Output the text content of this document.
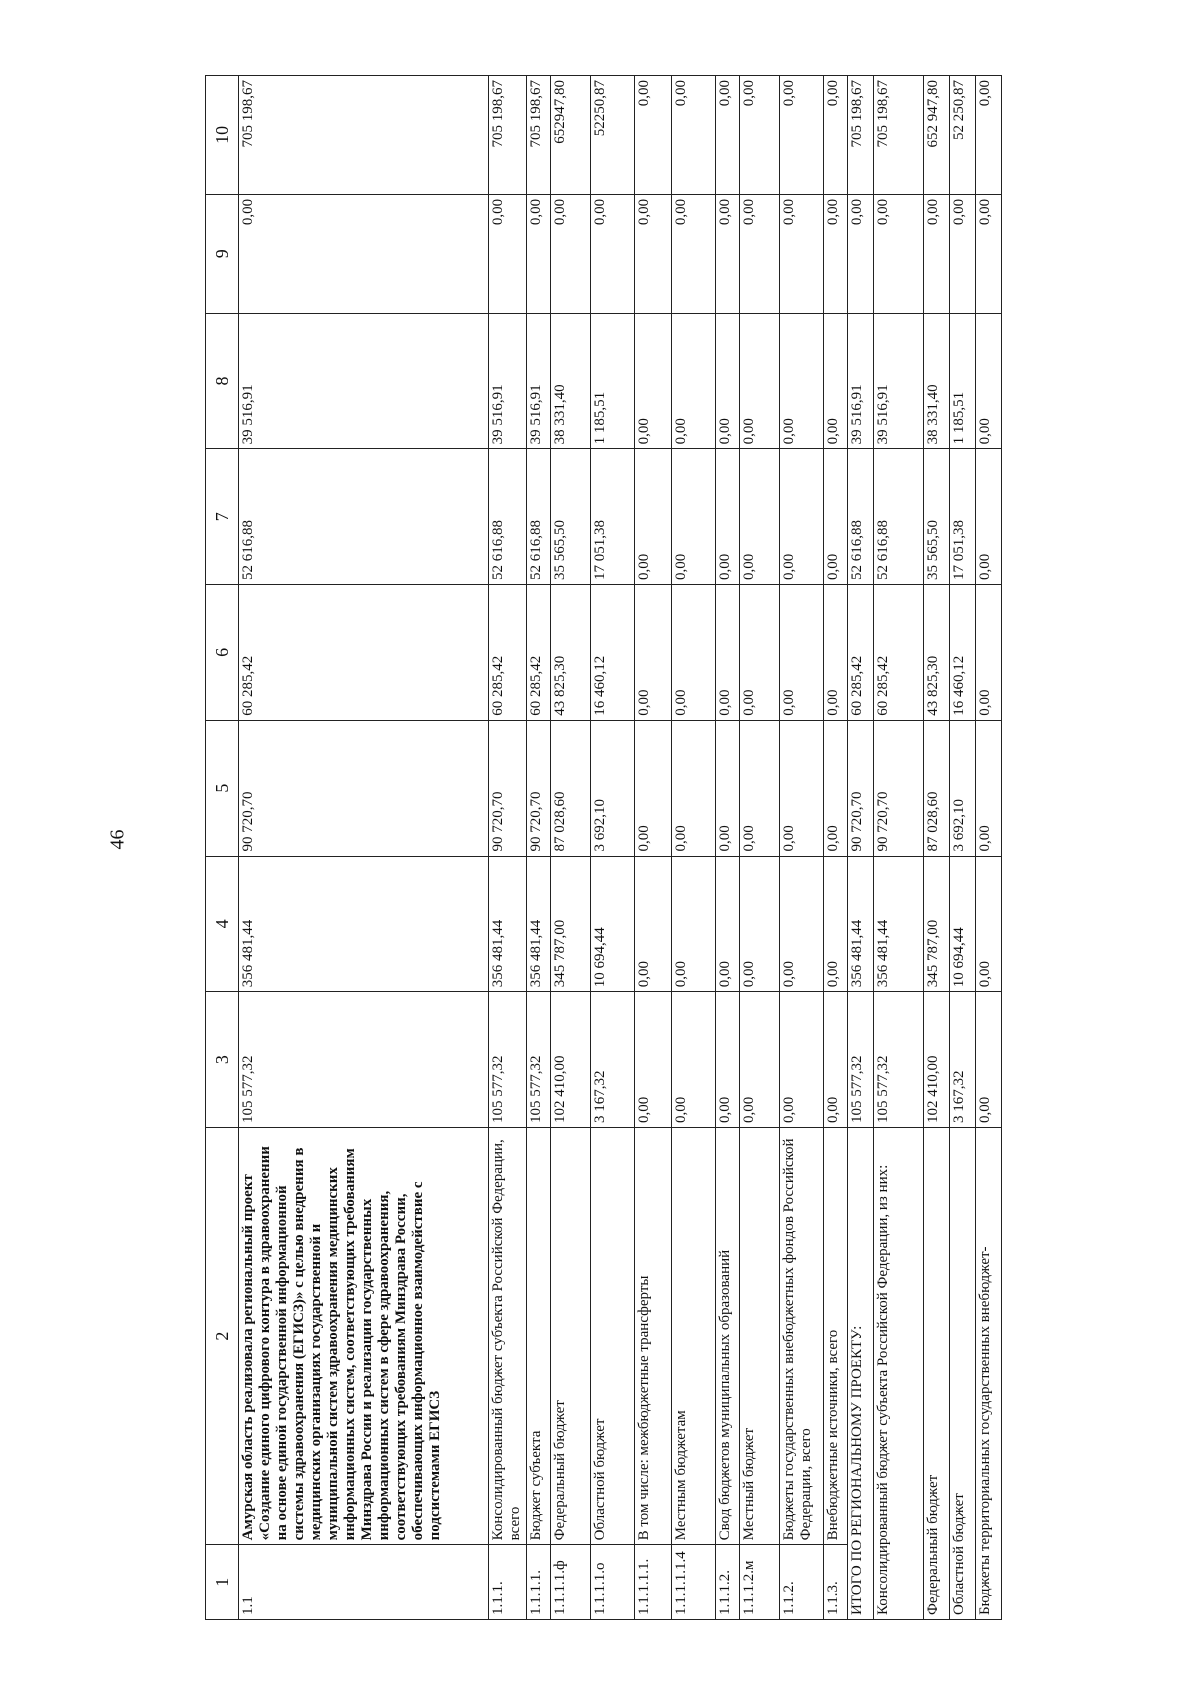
46
1	2	3	4	5	6	7	8	9	10
1.1	Амурская область реализовала региональный проект «Создание единого цифрового контура в здравоохранении на основе единой государственной информационной системы здравоохранения (ЕГИСЗ)» с целью внедрения в медицинских организациях государственной и муниципальной систем здравоохранения медицинских информационных систем, соответствующих требованиям Минздрава России и реализации государственных информационных систем в сфере здравоохранения, соответствующих требованиям Минздрава России, обеспечивающих информационное взаимодействие с подсистемами ЕГИСЗ	105 577,32	356 481,44	90 720,70	60 285,42	52 616,88	39 516,91	0,00	705 198,67
1.1.1.	Консолидированный бюджет субъекта Российской Федерации, всего	105 577,32	356 481,44	90 720,70	60 285,42	52 616,88	39 516,91	0,00	705 198,67
1.1.1.1.	Бюджет субъекта	105 577,32	356 481,44	90 720,70	60 285,42	52 616,88	39 516,91	0,00	705 198,67
1.1.1.1.ф	Федеральный бюджет	102 410,00	345 787,00	87 028,60	43 825,30	35 565,50	38 331,40	0,00	652947,80
1.1.1.1.о	Областной бюджет	3 167,32	10 694,44	3 692,10	16 460,12	17 051,38	1 185,51	0,00	52250,87
1.1.1.1.1.	В том числе: межбюджетные трансферты	0,00	0,00	0,00	0,00	0,00	0,00	0,00	0,00
1.1.1.1.1.4	Местным бюджетам	0,00	0,00	0,00	0,00	0,00	0,00	0,00	0,00
1.1.1.2.	Свод бюджетов муниципальных образований	0,00	0,00	0,00	0,00	0,00	0,00	0,00	0,00
1.1.1.2.м	Местный бюджет	0,00	0,00	0,00	0,00	0,00	0,00	0,00	0,00
1.1.2.	Бюджеты государственных внебюджетных фондов Российской Федерации, всего	0,00	0,00	0,00	0,00	0,00	0,00	0,00	0,00
1.1.3.	Внебюджетные источники, всего	0,00	0,00	0,00	0,00	0,00	0,00	0,00	0,00
ИТОГО ПО РЕГИОНАЛЬНОМУ ПРОЕКТУ:		105 577,32	356 481,44	90 720,70	60 285,42	52 616,88	39 516,91	0,00	705 198,67
Консолидированный бюджет субъекта Российской Федерации, из них:		105 577,32	356 481,44	90 720,70	60 285,42	52 616,88	39 516,91	0,00	705 198,67
Федеральный бюджет		102 410,00	345 787,00	87 028,60	43 825,30	35 565,50	38 331,40	0,00	652 947,80
Областной бюджет		3 167,32	10 694,44	3 692,10	16 460,12	17 051,38	1 185,51	0,00	52 250,87
Бюджеты территориальных государственных внебюджет-		0,00	0,00	0,00	0,00	0,00	0,00	0,00	0,00
